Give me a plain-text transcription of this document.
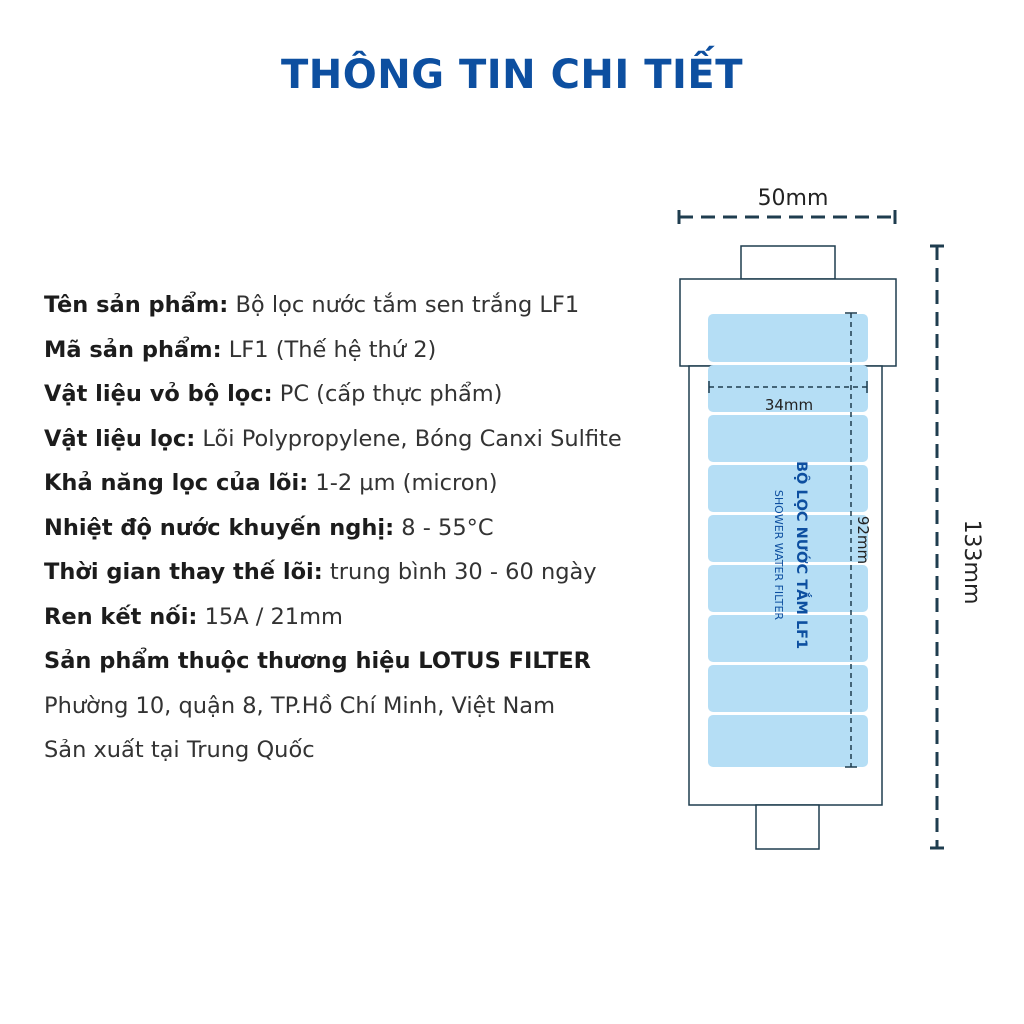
THÔNG TIN CHI TIẾT
Tên sản phẩm: Bộ lọc nước tắm sen trắng LF1
Mã sản phẩm: LF1 (Thế hệ thứ 2)
Vật liệu vỏ bộ lọc: PC (cấp thực phẩm)
Vật liệu lọc: Lõi Polypropylene, Bóng Canxi Sulfite
Khả năng lọc của lõi: 1-2 µm (micron)
Nhiệt độ nước khuyến nghị: 8 - 55°C
Thời gian thay thế lõi: trung bình 30 - 60 ngày
Ren kết nối: 15A / 21mm
Sản phẩm thuộc thương hiệu LOTUS FILTER
Phường 10, quận 8, TP.Hồ Chí Minh, Việt Nam
Sản xuất tại Trung Quốc
50mm
133mm
34mm
92mm
BỘ LỌC NƯỚC TẮM LF1
SHOWER WATER FILTER
